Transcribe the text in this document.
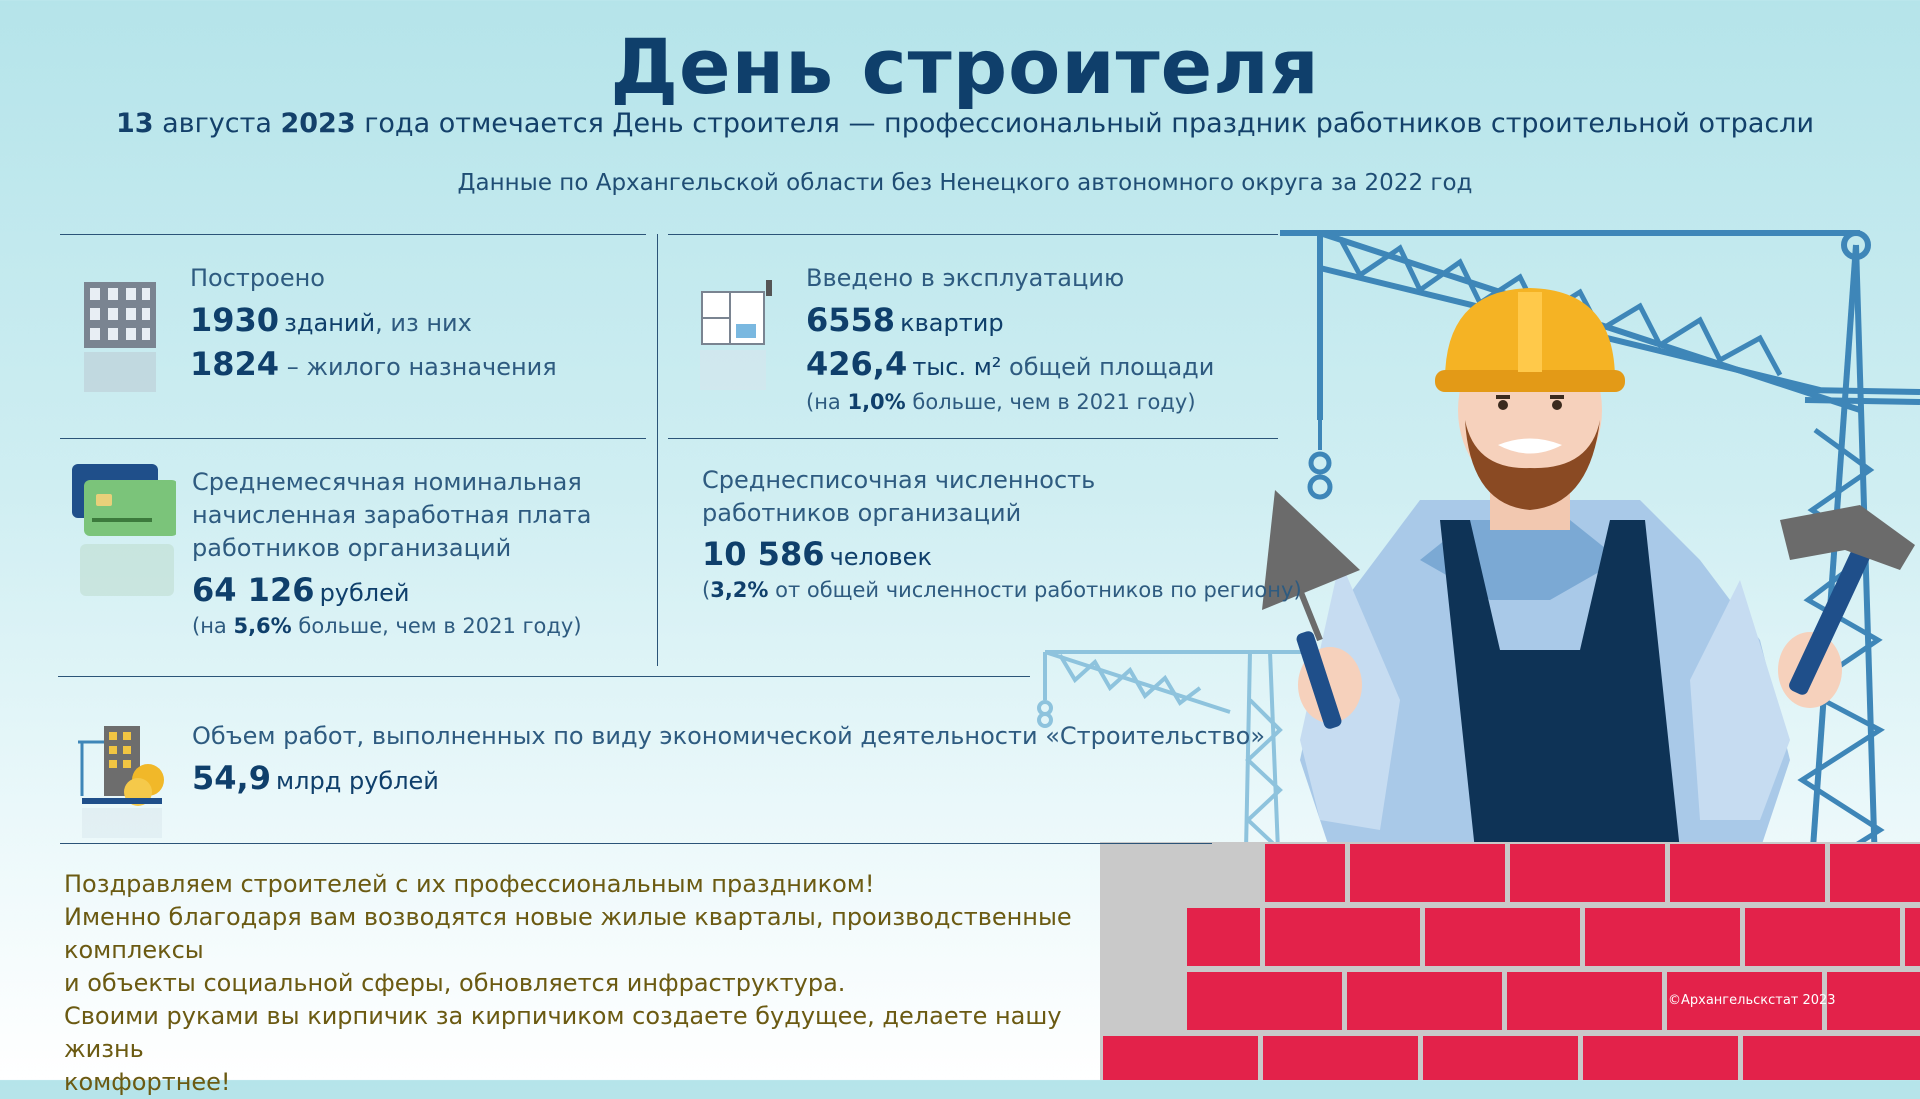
День строителя
13 августа 2023 года отмечается День строителя — профессиональный праздник работников строительной отрасли
Данные по Архангельской области без Ненецкого автономного округа за 2022 год
Построено
1930 зданий, из них
1824 – жилого назначения
Введено в эксплуатацию
6558 квартир
426,4 тыс. м² общей площади
(на 1,0% больше, чем в 2021 году)
Среднемесячная номинальная
начисленная заработная плата
работников организаций
64 126 рублей
(на 5,6% больше, чем в 2021 году)
Среднесписочная численность
работников организаций
10 586 человек
(3,2% от общей численности работников по региону)
Объем работ, выполненных по виду экономической деятельности «Строительство»
54,9 млрд рублей
Поздравляем строителей с их профессиональным праздником!
Именно благодаря вам возводятся новые жилые кварталы, производственные комплексы
и объекты социальной сферы, обновляется инфраструктура.
Своими руками вы кирпичик за кирпичиком создаете будущее, делаете нашу жизнь
комфортнее!
©Архангельскстат 2023
